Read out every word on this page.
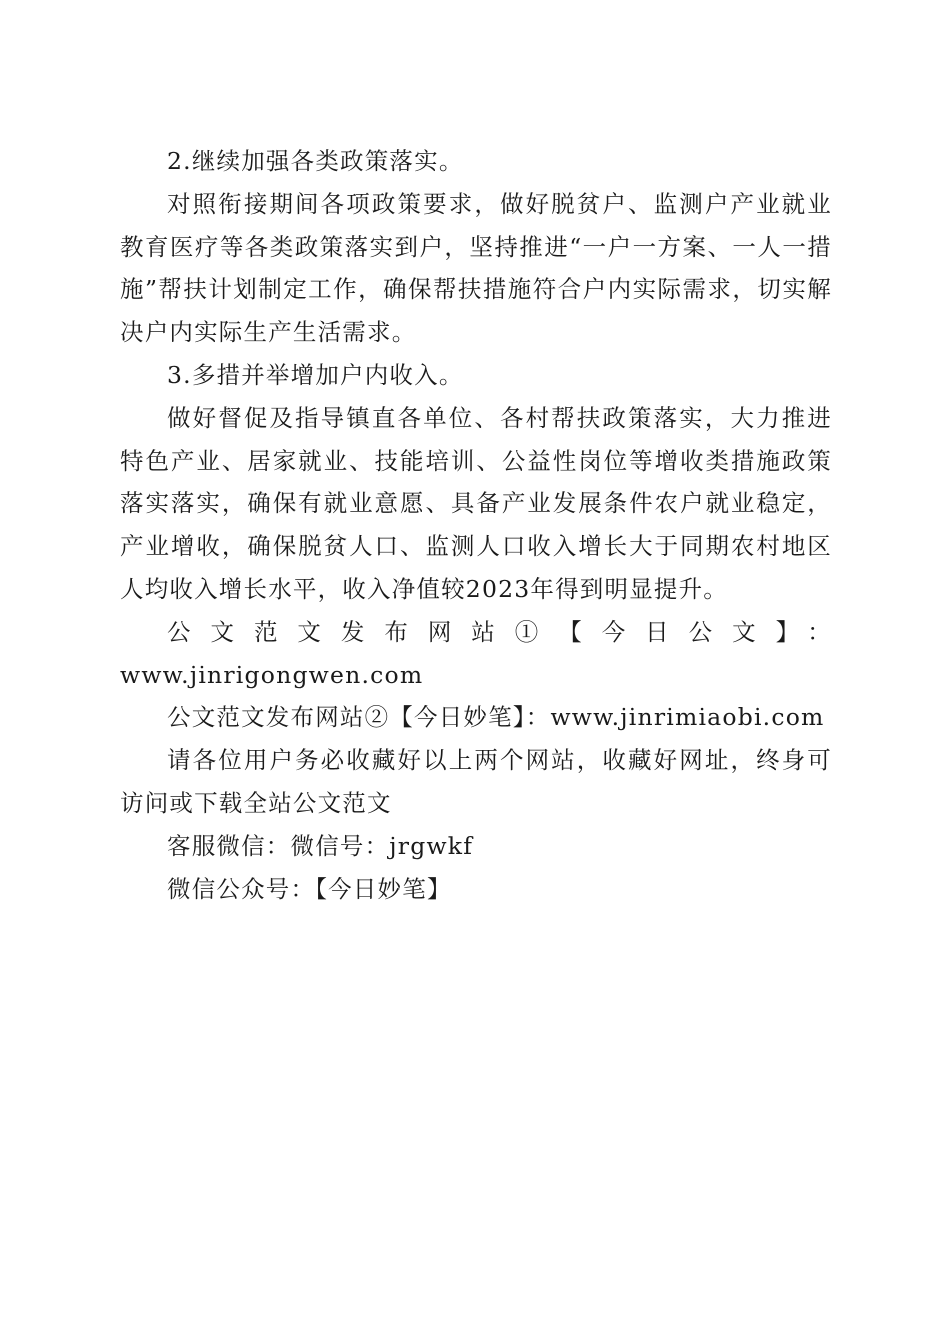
2.继续加强各类政策落实。

对照衔接期间各项政策要求，做好脱贫户、监测户产业就业教育医疗等各类政策落实到户，坚持推进“一户一方案、一人一措施”帮扶计划制定工作，确保帮扶措施符合户内实际需求，切实解决户内实际生产生活需求。

3.多措并举增加户内收入。

做好督促及指导镇直各单位、各村帮扶政策落实，大力推进特色产业、居家就业、技能培训、公益性岗位等增收类措施政策落实落实，确保有就业意愿、具备产业发展条件农户就业稳定，产业增收，确保脱贫人口、监测人口收入增长大于同期农村地区人均收入增长水平，收入净值较2023年得到明显提升。

公文范文发布网站①【今日公文】：

www.jinrigongwen.com

公文范文发布网站②【今日妙笔】：www.jinrimiaobi.com

请各位用户务必收藏好以上两个网站，收藏好网址，终身可访问或下载全站公文范文

客服微信：微信号：jrgwkf

微信公众号：【今日妙笔】
